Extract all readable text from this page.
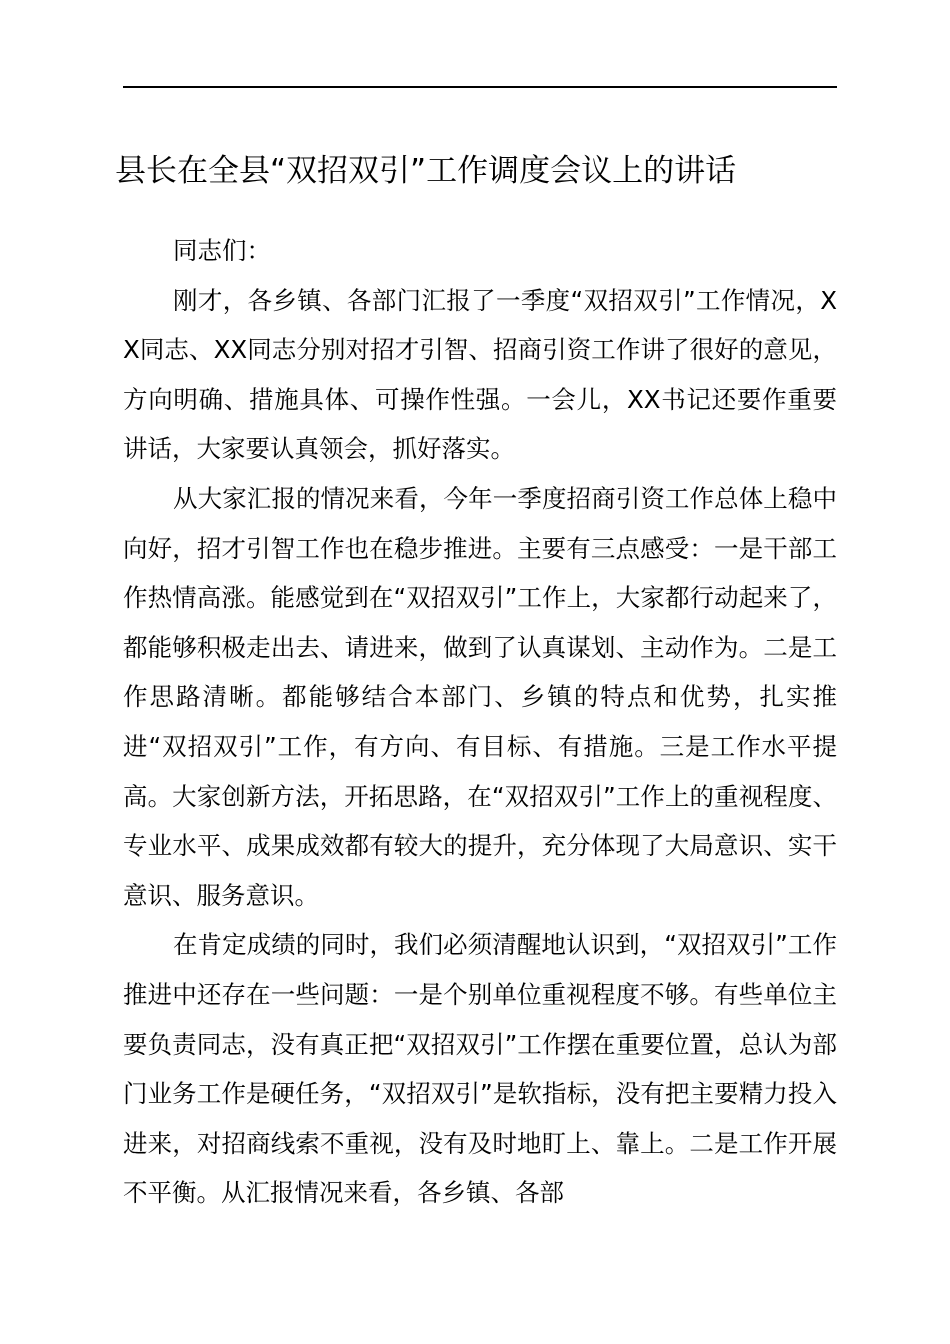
县长在全县“双招双引”工作调度会议上的讲话

同志们：

刚才，各乡镇、各部门汇报了一季度“双招双引”工作情况，XX同志、XX同志分别对招才引智、招商引资工作讲了很好的意见，方向明确、措施具体、可操作性强。一会儿，XX书记还要作重要讲话，大家要认真领会，抓好落实。

从大家汇报的情况来看，今年一季度招商引资工作总体上稳中向好，招才引智工作也在稳步推进。主要有三点感受：一是干部工作热情高涨。能感觉到在“双招双引”工作上，大家都行动起来了，都能够积极走出去、请进来，做到了认真谋划、主动作为。二是工作思路清晰。都能够结合本部门、乡镇的特点和优势，扎实推进“双招双引”工作，有方向、有目标、有措施。三是工作水平提高。大家创新方法，开拓思路，在“双招双引”工作上的重视程度、专业水平、成果成效都有较大的提升，充分体现了大局意识、实干意识、服务意识。

在肯定成绩的同时，我们必须清醒地认识到，“双招双引”工作推进中还存在一些问题：一是个别单位重视程度不够。有些单位主要负责同志，没有真正把“双招双引”工作摆在重要位置，总认为部门业务工作是硬任务，“双招双引”是软指标，没有把主要精力投入进来，对招商线索不重视，没有及时地盯上、靠上。二是工作开展不平衡。从汇报情况来看，各乡镇、各部
